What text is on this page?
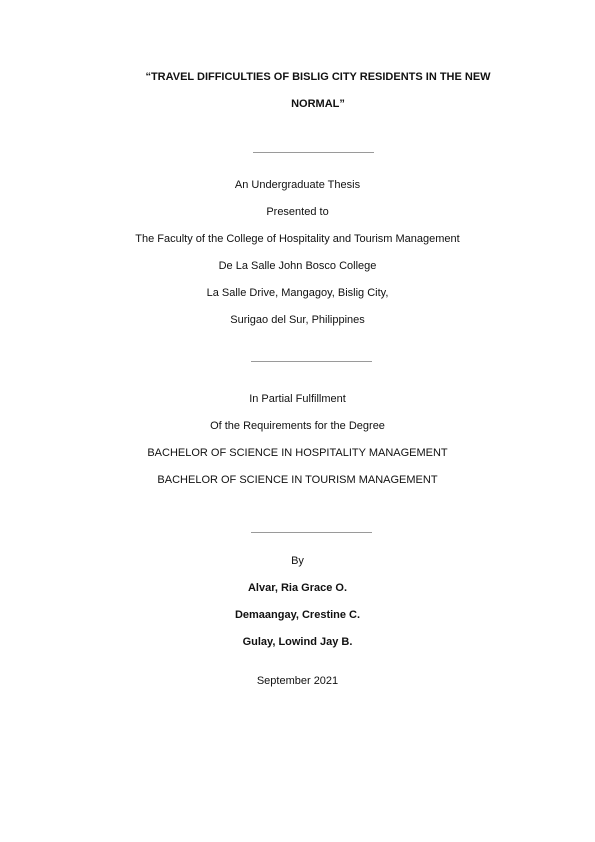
“TRAVEL DIFFICULTIES OF BISLIG CITY RESIDENTS IN THE NEW
NORMAL”
An Undergraduate Thesis
Presented to
The Faculty of the College of Hospitality and Tourism Management
De La Salle John Bosco College
La Salle Drive, Mangagoy, Bislig City,
Surigao del Sur, Philippines
In Partial Fulfillment
Of the Requirements for the Degree
BACHELOR OF SCIENCE IN HOSPITALITY MANAGEMENT
BACHELOR OF SCIENCE IN TOURISM MANAGEMENT
By
Alvar, Ria Grace O.
Demaangay, Crestine C.
Gulay, Lowind Jay B.
September 2021
